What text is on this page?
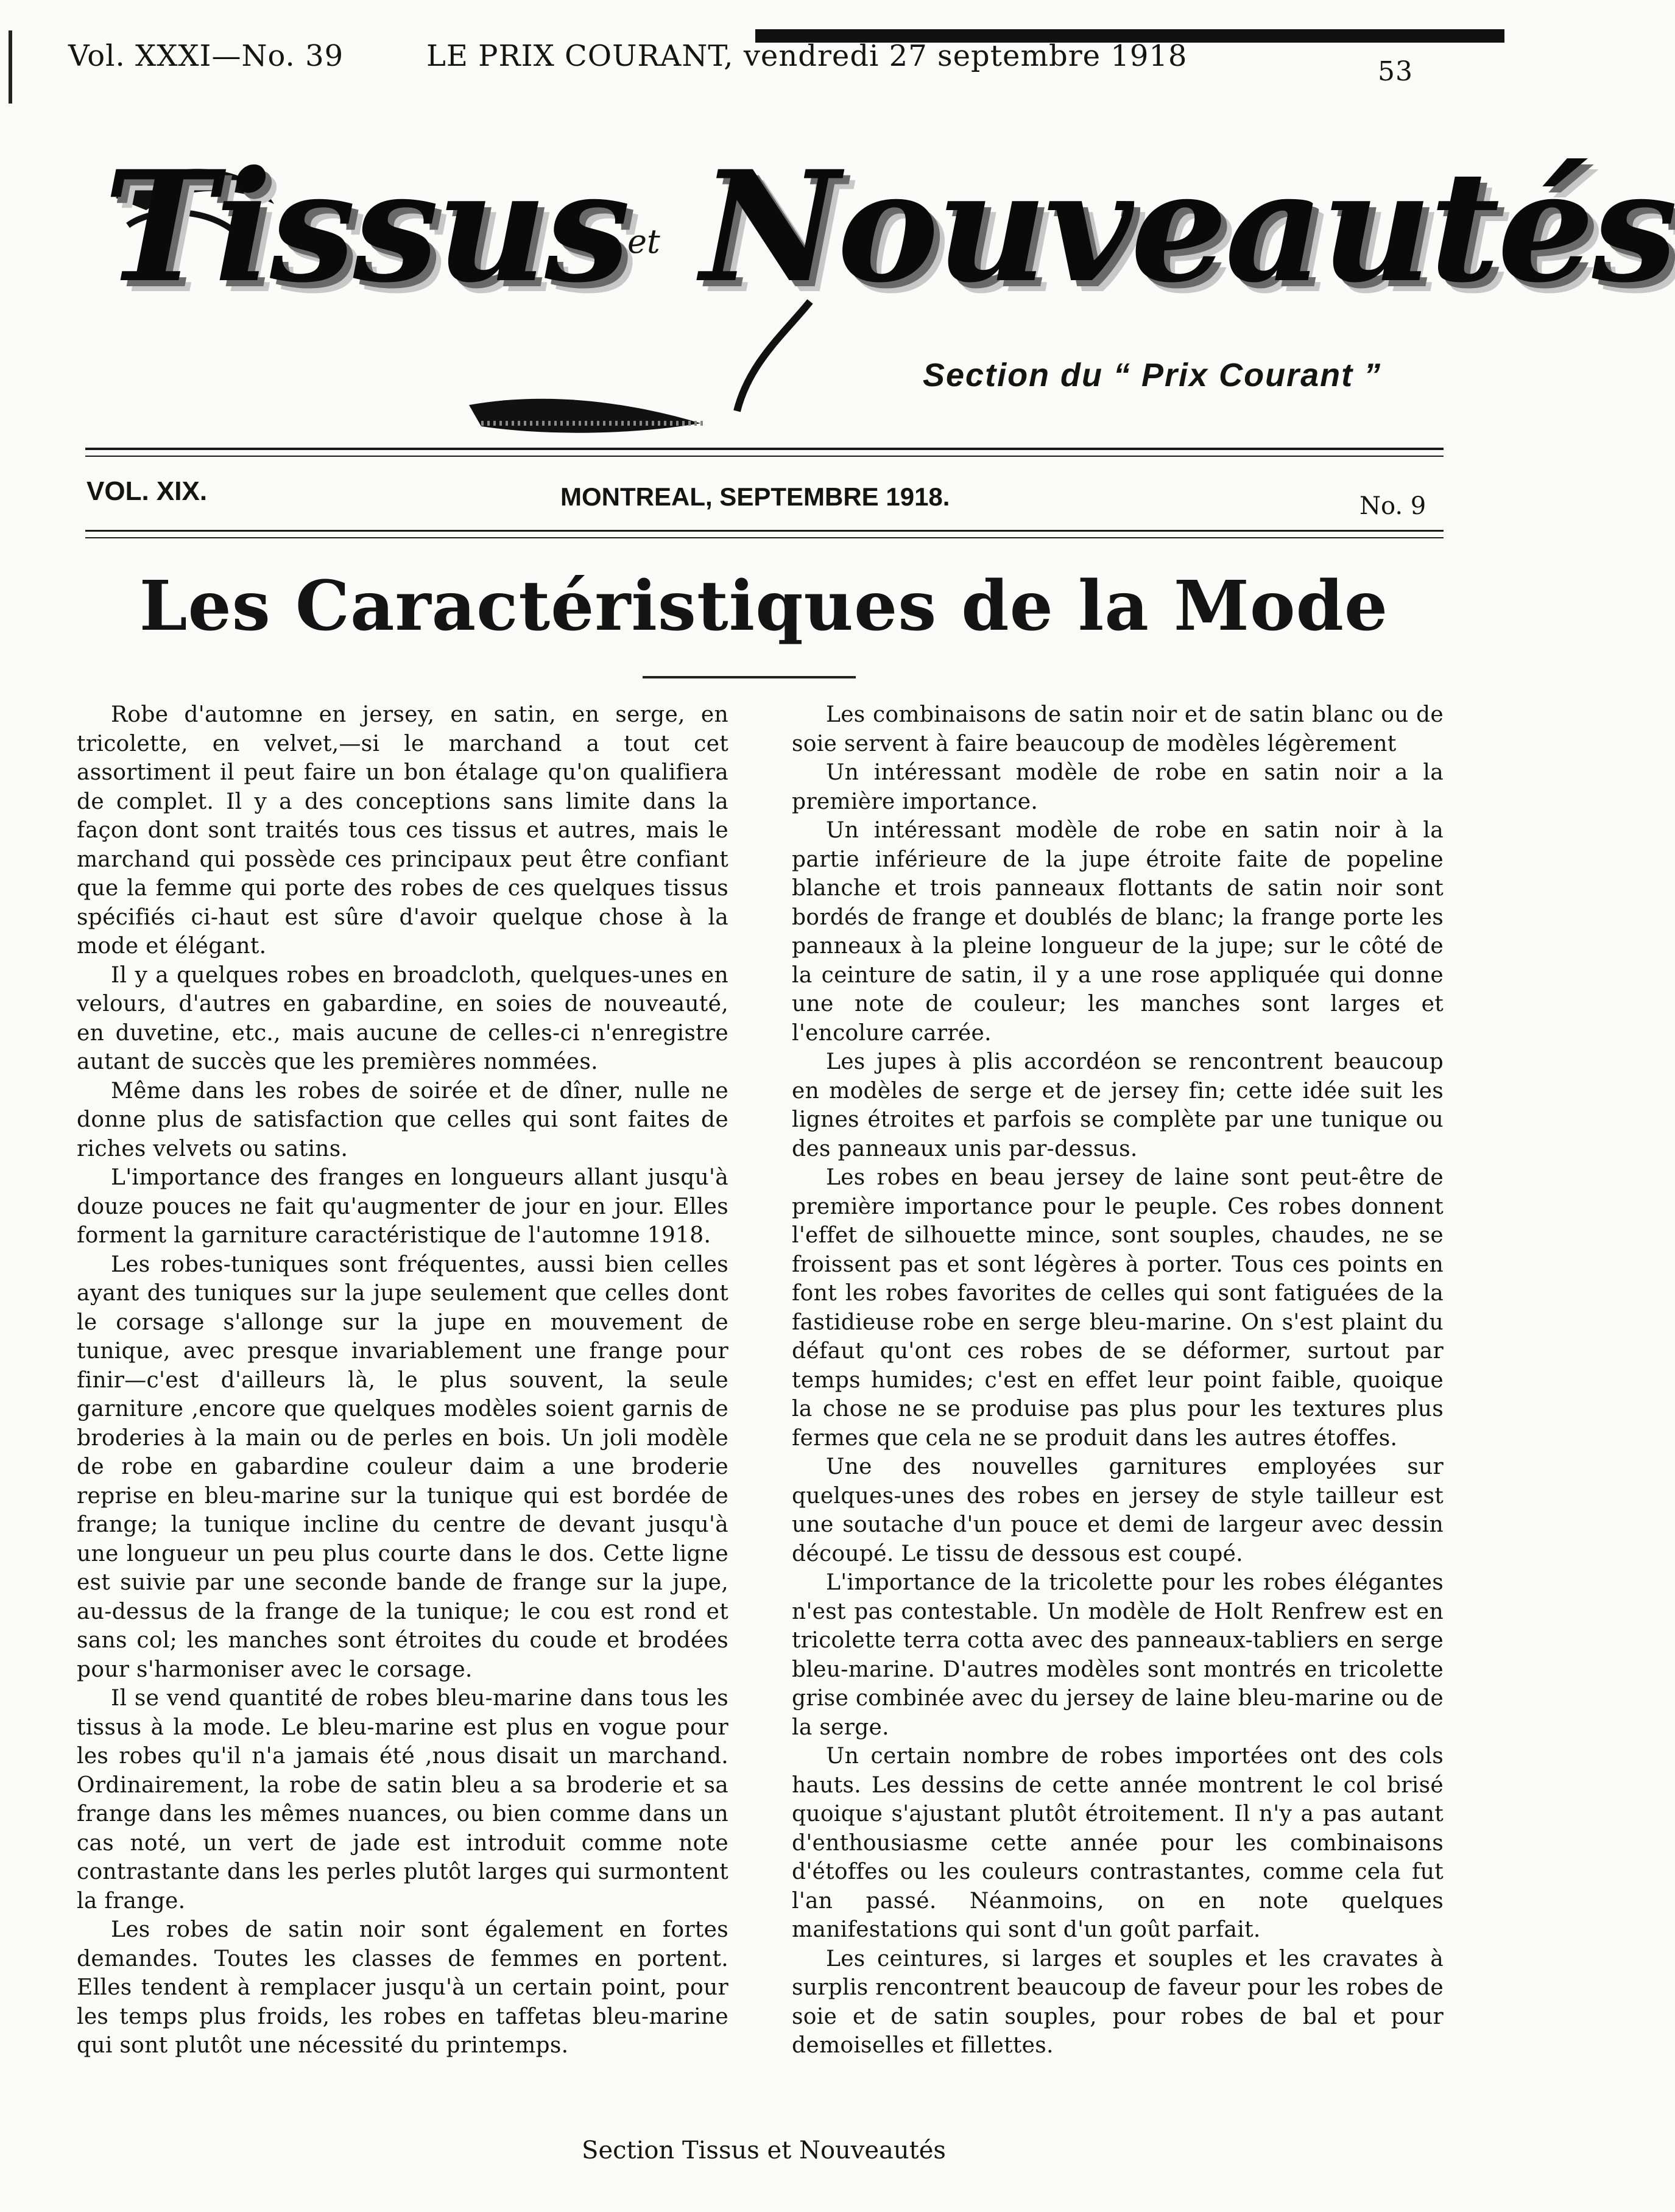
Vol. XXXI—No. 39	LE PRIX COURANT, vendredi 27 septembre 1918	53
Tissus
et Nouveautés
Section du “ Prix Courant ”
VOL. XIX.	MONTREAL, SEPTEMBRE 1918.	No. 9
Les Caractéristiques de la Mode

Robe d'automne en jersey, en satin, en serge, en tricolette, en velvet,—si le marchand a tout cet assortiment il peut faire un bon étalage qu'on qualifiera de complet. Il y a des conceptions sans limite dans la façon dont sont traités tous ces tissus et autres, mais le marchand qui possède ces principaux peut être confiant que la femme qui porte des robes de ces quelques tissus spécifiés ci-haut est sûre d'avoir quelque chose à la mode et élégant.

Il y a quelques robes en broadcloth, quelques-unes en velours, d'autres en gabardine, en soies de nouveauté, en duvetine, etc., mais aucune de celles-ci n'enregistre autant de succès que les premières nommées.

Même dans les robes de soirée et de dîner, nulle ne donne plus de satisfaction que celles qui sont faites de riches velvets ou satins.

L'importance des franges en longueurs allant jusqu'à douze pouces ne fait qu'augmenter de jour en jour. Elles forment la garniture caractéristique de l'automne 1918.

Les robes-tuniques sont fréquentes, aussi bien celles ayant des tuniques sur la jupe seulement que celles dont le corsage s'allonge sur la jupe en mouvement de tunique, avec presque invariablement une frange pour finir—c'est d'ailleurs là, le plus souvent, la seule garniture ,encore que quelques modèles soient garnis de broderies à la main ou de perles en bois. Un joli modèle de robe en gabardine couleur daim a une broderie reprise en bleu-marine sur la tunique qui est bordée de frange; la tunique incline du centre de devant jusqu'à une longueur un peu plus courte dans le dos. Cette ligne est suivie par une seconde bande de frange sur la jupe, au-dessus de la frange de la tunique; le cou est rond et sans col; les manches sont étroites du coude et brodées pour s'harmoniser avec le corsage.

Il se vend quantité de robes bleu-marine dans tous les tissus à la mode. Le bleu-marine est plus en vogue pour les robes qu'il n'a jamais été ,nous disait un marchand. Ordinairement, la robe de satin bleu a sa broderie et sa frange dans les mêmes nuances, ou bien comme dans un cas noté, un vert de jade est introduit comme note contrastante dans les perles plutôt larges qui surmontent la frange.

Les robes de satin noir sont également en fortes demandes. Toutes les classes de femmes en portent. Elles tendent à remplacer jusqu'à un certain point, pour les temps plus froids, les robes en taffetas bleu-marine qui sont plutôt une nécessité du printemps.

Les combinaisons de satin noir et de satin blanc ou de soie servent à faire beaucoup de modèles légèrement

Un intéressant modèle de robe en satin noir a la première importance.

Un intéressant modèle de robe en satin noir à la partie inférieure de la jupe étroite faite de popeline blanche et trois panneaux flottants de satin noir sont bordés de frange et doublés de blanc; la frange porte les panneaux à la pleine longueur de la jupe; sur le côté de la ceinture de satin, il y a une rose appliquée qui donne une note de couleur; les manches sont larges et l'encolure carrée.

Les jupes à plis accordéon se rencontrent beaucoup en modèles de serge et de jersey fin; cette idée suit les lignes étroites et parfois se complète par une tunique ou des panneaux unis par-dessus.

Les robes en beau jersey de laine sont peut-être de première importance pour le peuple. Ces robes donnent l'effet de silhouette mince, sont souples, chaudes, ne se froissent pas et sont légères à porter. Tous ces points en font les robes favorites de celles qui sont fatiguées de la fastidieuse robe en serge bleu-marine. On s'est plaint du défaut qu'ont ces robes de se déformer, surtout par temps humides; c'est en effet leur point faible, quoique la chose ne se produise pas plus pour les textures plus fermes que cela ne se produit dans les autres étoffes.

Une des nouvelles garnitures employées sur quelques-unes des robes en jersey de style tailleur est une soutache d'un pouce et demi de largeur avec dessin découpé. Le tissu de dessous est coupé.

L'importance de la tricolette pour les robes élégantes n'est pas contestable. Un modèle de Holt Renfrew est en tricolette terra cotta avec des panneaux-tabliers en serge bleu-marine. D'autres modèles sont montrés en tricolette grise combinée avec du jersey de laine bleu-marine ou de la serge.

Un certain nombre de robes importées ont des cols hauts. Les dessins de cette année montrent le col brisé quoique s'ajustant plutôt étroitement. Il n'y a pas autant d'enthousiasme cette année pour les combinaisons d'étoffes ou les couleurs contrastantes, comme cela fut l'an passé. Néanmoins, on en note quelques manifestations qui sont d'un goût parfait.

Les ceintures, si larges et souples et les cravates à surplis rencontrent beaucoup de faveur pour les robes de soie et de satin souples, pour robes de bal et pour demoiselles et fillettes.

Section Tissus et Nouveautés
